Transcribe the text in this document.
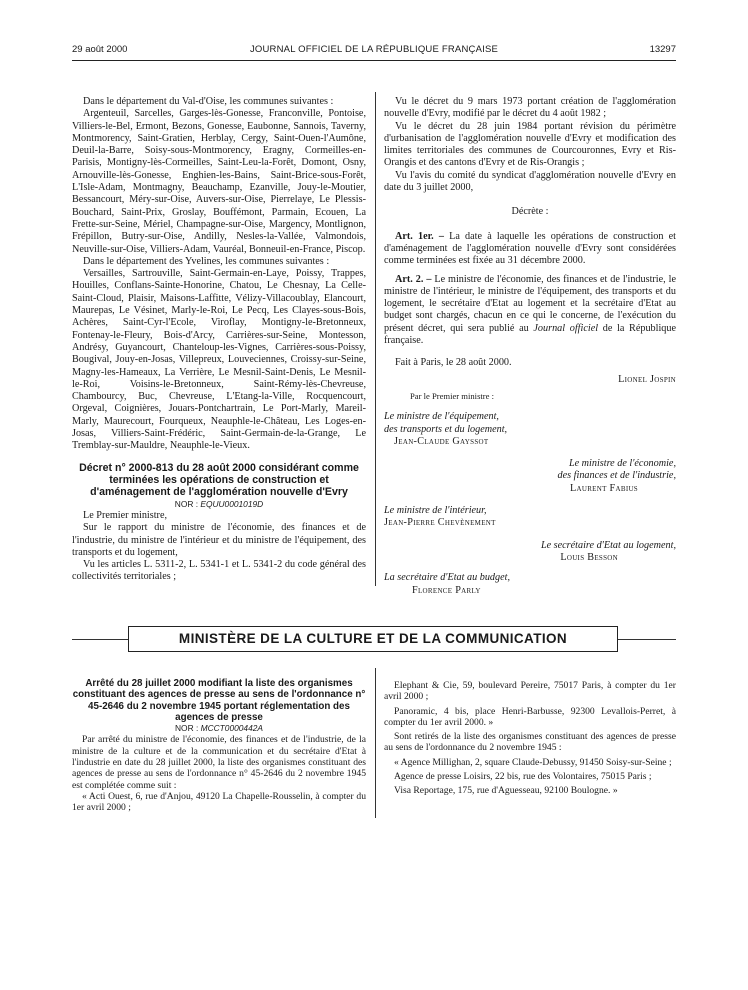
29 août 2000	JOURNAL OFFICIEL DE LA RÉPUBLIQUE FRANÇAISE	13297

Dans le département du Val-d'Oise, les communes suivantes :

Argenteuil, Sarcelles, Garges-lès-Gonesse, Franconville, Pontoise, Villiers-le-Bel, Ermont, Bezons, Gonesse, Eaubonne, Sannois, Taverny, Montmorency, Saint-Gratien, Herblay, Cergy, Saint-Ouen-l'Aumône, Deuil-la-Barre, Soisy-sous-Montmorency, Eragny, Cormeilles-en-Parisis, Montigny-lès-Cormeilles, Saint-Leu-la-Forêt, Domont, Osny, Arnouville-lès-Gonesse, Enghien-les-Bains, Saint-Brice-sous-Forêt, L'Isle-Adam, Montmagny, Beauchamp, Ezanville, Jouy-le-Moutier, Bessancourt, Méry-sur-Oise, Auvers-sur-Oise, Pierrelaye, Le Plessis-Bouchard, Saint-Prix, Groslay, Bouffémont, Parmain, Ecouen, La Frette-sur-Seine, Mériel, Champagne-sur-Oise, Margency, Montlignon, Frépillon, Butry-sur-Oise, Andilly, Nesles-la-Vallée, Valmondois, Neuville-sur-Oise, Villiers-Adam, Vauréal, Bonneuil-en-France, Piscop.

Dans le département des Yvelines, les communes suivantes :

Versailles, Sartrouville, Saint-Germain-en-Laye, Poissy, Trappes, Houilles, Conflans-Sainte-Honorine, Chatou, Le Chesnay, La Celle-Saint-Cloud, Plaisir, Maisons-Laffitte, Vélizy-Villacoublay, Elancourt, Maurepas, Le Vésinet, Marly-le-Roi, Le Pecq, Les Clayes-sous-Bois, Achères, Saint-Cyr-l'Ecole, Viroflay, Montigny-le-Bretonneux, Fontenay-le-Fleury, Bois-d'Arcy, Carrières-sur-Seine, Montesson, Andrésy, Guyancourt, Chanteloup-les-Vignes, Carrières-sous-Poissy, Bougival, Jouy-en-Josas, Villepreux, Louveciennes, Croissy-sur-Seine, Magny-les-Hameaux, La Verrière, Le Mesnil-Saint-Denis, Le Mesnil-le-Roi, Voisins-le-Bretonneux, Saint-Rémy-lès-Chevreuse, Chambourcy, Buc, Chevreuse, L'Etang-la-Ville, Rocquencourt, Orgeval, Coignières, Jouars-Pontchartrain, Le Port-Marly, Mareil-Marly, Maurecourt, Fourqueux, Neauphle-le-Château, Les Loges-en-Josas, Villiers-Saint-Frédéric, Saint-Germain-de-la-Grange, Le Tremblay-sur-Mauldre, Neauphle-le-Vieux.

Décret n° 2000-813 du 28 août 2000 considérant comme terminées les opérations de construction et d'aménagement de l'agglomération nouvelle d'Evry

NOR : EQUU0001019D

Le Premier ministre,

Sur le rapport du ministre de l'économie, des finances et de l'industrie, du ministre de l'intérieur et du ministre de l'équipement, des transports et du logement,

Vu les articles L. 5311-2, L. 5341-1 et L. 5341-2 du code général des collectivités territoriales ;

Vu le décret du 9 mars 1973 portant création de l'agglomération nouvelle d'Evry, modifié par le décret du 4 août 1982 ;

Vu le décret du 28 juin 1984 portant révision du périmètre d'urbanisation de l'agglomération nouvelle d'Evry et modification des limites territoriales des communes de Courcouronnes, Evry et Ris-Orangis et des cantons d'Evry et de Ris-Orangis ;

Vu l'avis du comité du syndicat d'agglomération nouvelle d'Evry en date du 3 juillet 2000,

Décrète :

Art. 1er. – La date à laquelle les opérations de construction et d'aménagement de l'agglomération nouvelle d'Evry sont considérées comme terminées est fixée au 31 décembre 2000.

Art. 2. – Le ministre de l'économie, des finances et de l'industrie, le ministre de l'intérieur, le ministre de l'équipement, des transports et du logement, le secrétaire d'Etat au logement et la secrétaire d'Etat au budget sont chargés, chacun en ce qui le concerne, de l'exécution du présent décret, qui sera publié au Journal officiel de la République française.

Fait à Paris, le 28 août 2000.

Lionel Jospin

Par le Premier ministre :

Le ministre de l'équipement,

des transports et du logement,

Jean-Claude Gayssot

Le ministre de l'économie,

des finances et de l'industrie,

Laurent Fabius

Le ministre de l'intérieur,

Jean-Pierre Chevènement

Le secrétaire d'Etat au logement,

Louis Besson

La secrétaire d'Etat au budget,

Florence Parly

MINISTÈRE DE LA CULTURE ET DE LA COMMUNICATION

Arrêté du 28 juillet 2000 modifiant la liste des organismes constituant des agences de presse au sens de l'ordonnance n° 45-2646 du 2 novembre 1945 portant réglementation des agences de presse

NOR : MCCT0000442A

Par arrêté du ministre de l'économie, des finances et de l'industrie, de la ministre de la culture et de la communication et du secrétaire d'Etat à l'industrie en date du 28 juillet 2000, la liste des organismes constituant des agences de presse au sens de l'ordonnance n° 45-2646 du 2 novembre 1945 est complétée comme suit :

« Acti Ouest, 6, rue d'Anjou, 49120 La Chapelle-Rousselin, à compter du 1er avril 2000 ;

Elephant & Cie, 59, boulevard Pereire, 75017 Paris, à compter du 1er avril 2000 ;

Panoramic, 4 bis, place Henri-Barbusse, 92300 Levallois-Perret, à compter du 1er avril 2000. »

Sont retirés de la liste des organismes constituant des agences de presse au sens de l'ordonnance du 2 novembre 1945 :

« Agence Millighan, 2, square Claude-Debussy, 91450 Soisy-sur-Seine ;

Agence de presse Loisirs, 22 bis, rue des Volontaires, 75015 Paris ;

Visa Reportage, 175, rue d'Aguesseau, 92100 Boulogne. »
